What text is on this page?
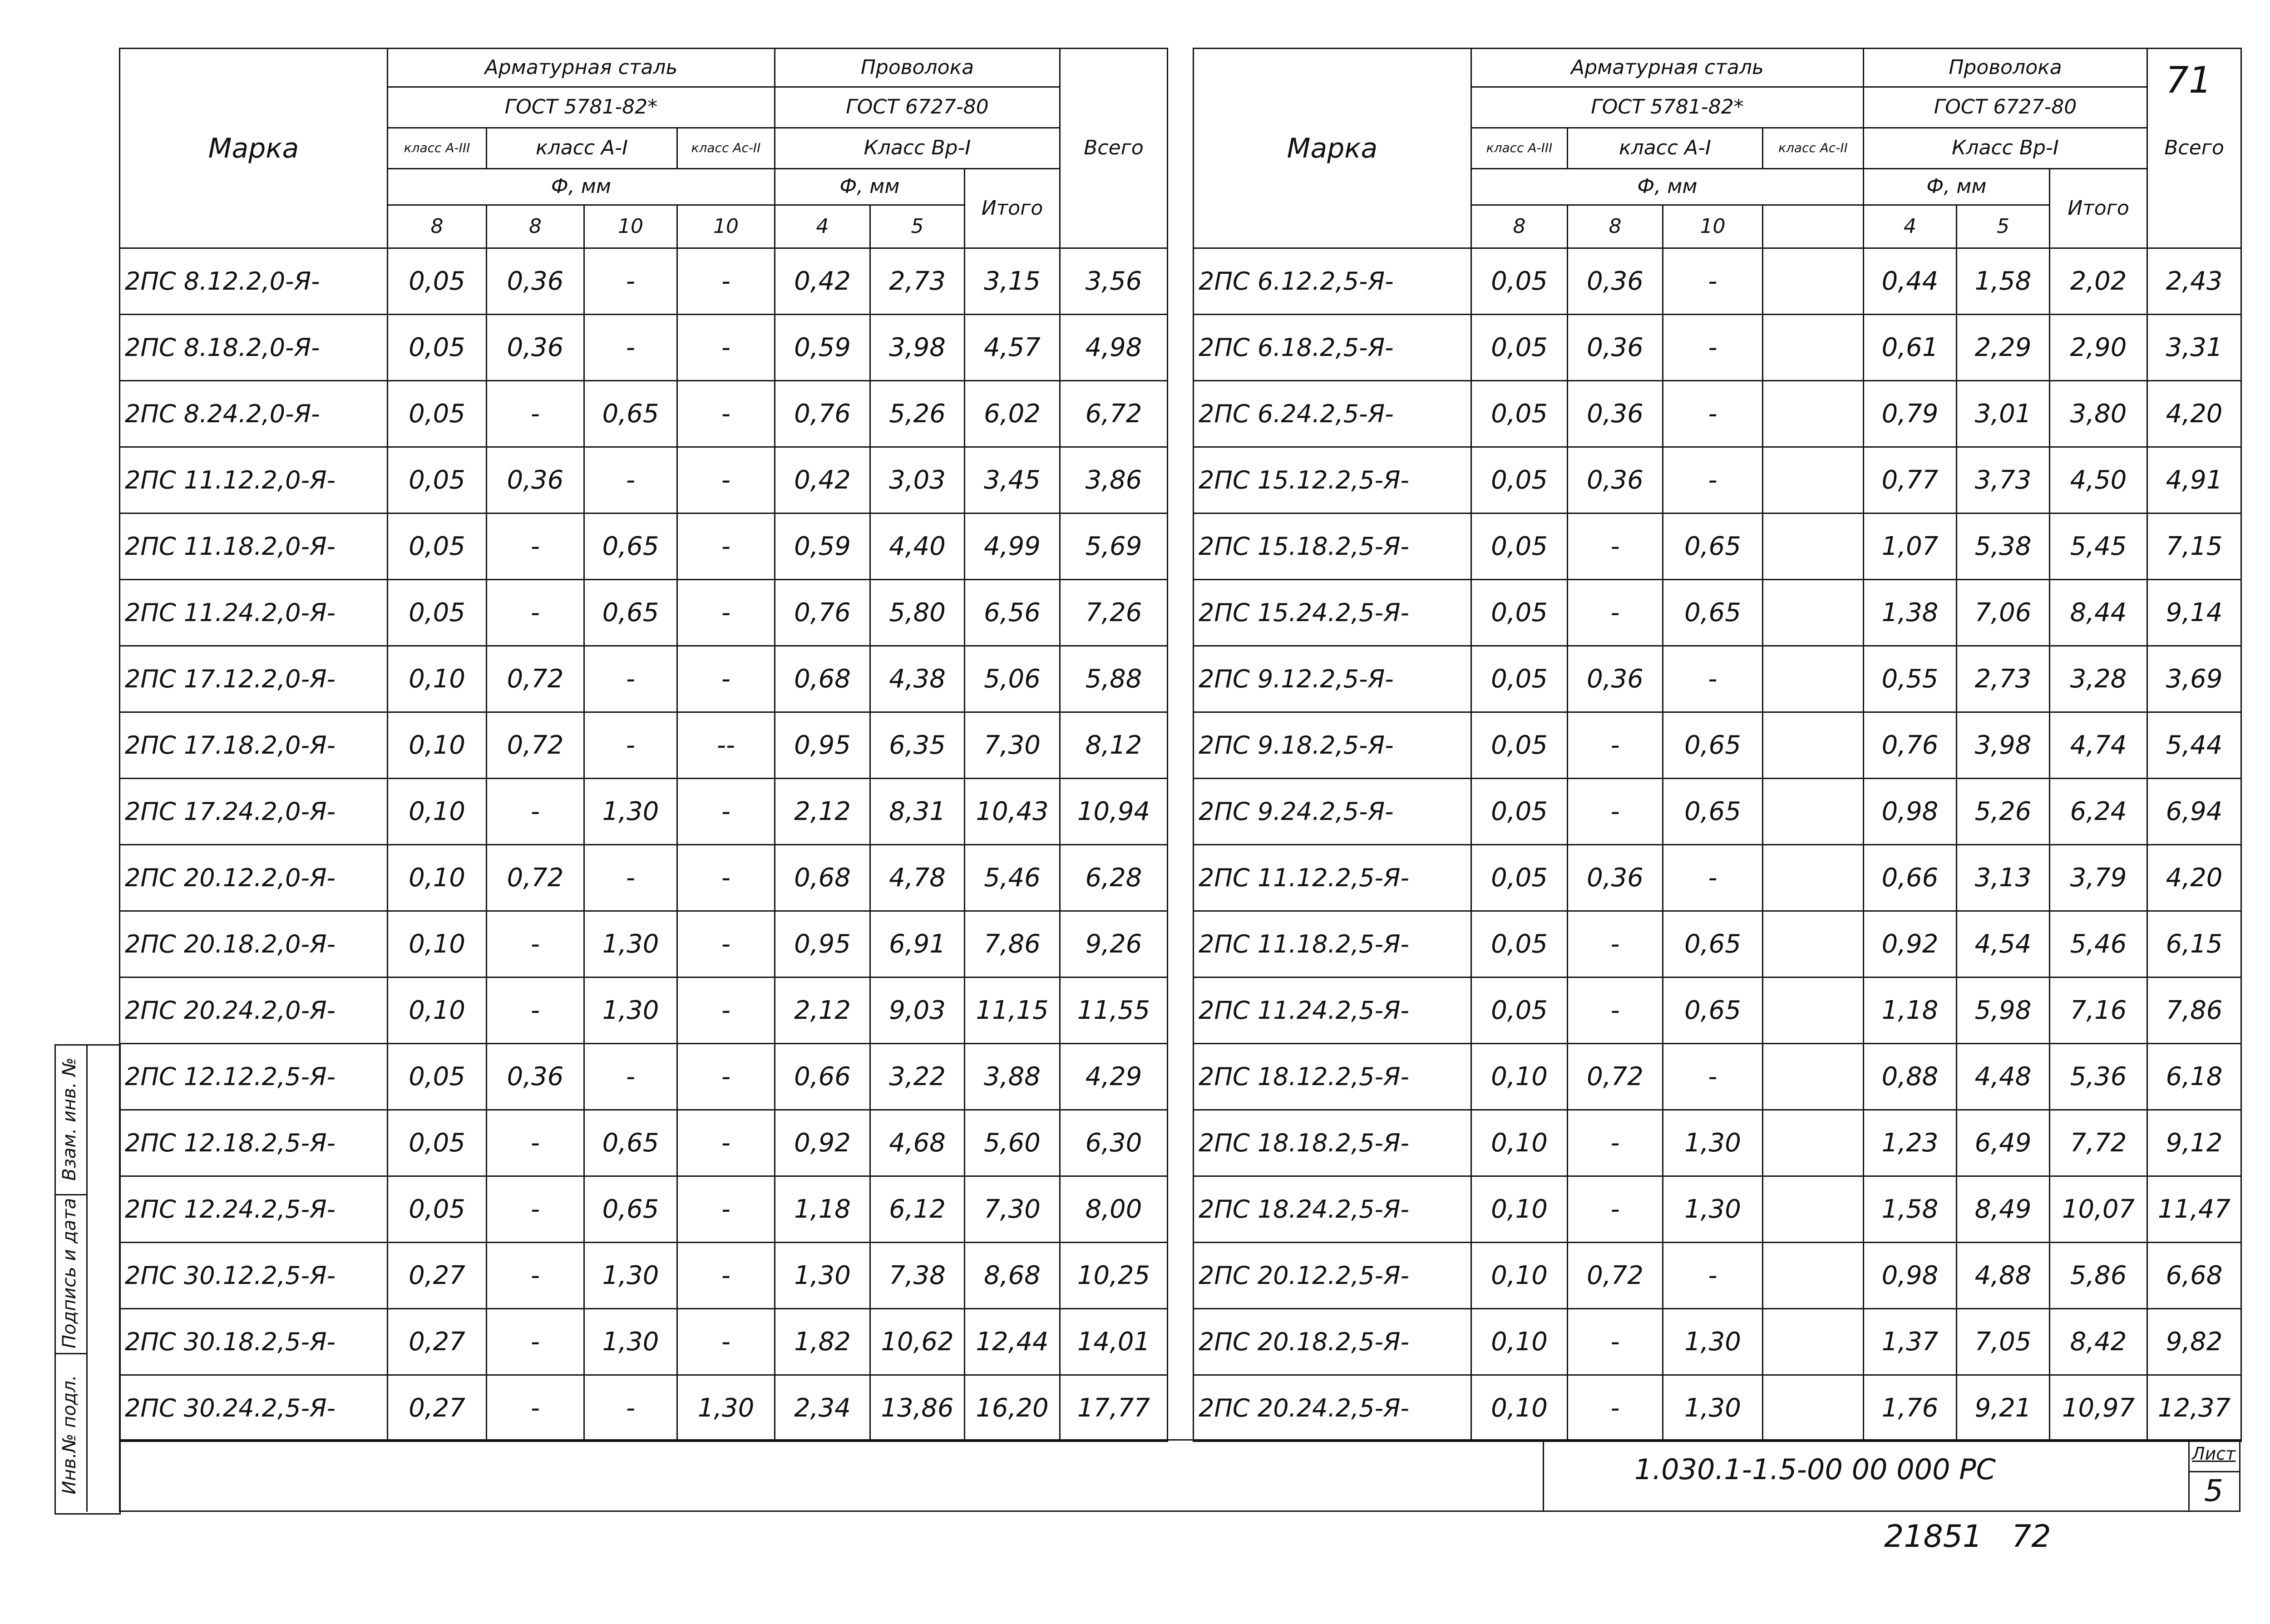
Взам. инв. №
Подпись и дата
Инв.№ подл.
71
Марка	Арматурная сталь				Проволока			Всего
	ГОСТ 5781-82*				ГОСТ 6727-80			
	класс А-III	класс А-I		класс Ас-II	Класс Вр-I			
	Ф, мм				Ф, мм		Итого	
	8	8	10	10	4	5		
2ПС 8.12.2,0-Я-	0,05	0,36	-	-	0,42	2,73	3,15	3,56
2ПС 8.18.2,0-Я-	0,05	0,36	-	-	0,59	3,98	4,57	4,98
2ПС 8.24.2,0-Я-	0,05	-	0,65	-	0,76	5,26	6,02	6,72
2ПС 11.12.2,0-Я-	0,05	0,36	-	-	0,42	3,03	3,45	3,86
2ПС 11.18.2,0-Я-	0,05	-	0,65	-	0,59	4,40	4,99	5,69
2ПС 11.24.2,0-Я-	0,05	-	0,65	-	0,76	5,80	6,56	7,26
2ПС 17.12.2,0-Я-	0,10	0,72	-	-	0,68	4,38	5,06	5,88
2ПС 17.18.2,0-Я-	0,10	0,72	-	--	0,95	6,35	7,30	8,12
2ПС 17.24.2,0-Я-	0,10	-	1,30	-	2,12	8,31	10,43	10,94
2ПС 20.12.2,0-Я-	0,10	0,72	-	-	0,68	4,78	5,46	6,28
2ПС 20.18.2,0-Я-	0,10	-	1,30	-	0,95	6,91	7,86	9,26
2ПС 20.24.2,0-Я-	0,10	-	1,30	-	2,12	9,03	11,15	11,55
2ПС 12.12.2,5-Я-	0,05	0,36	-	-	0,66	3,22	3,88	4,29
2ПС 12.18.2,5-Я-	0,05	-	0,65	-	0,92	4,68	5,60	6,30
2ПС 12.24.2,5-Я-	0,05	-	0,65	-	1,18	6,12	7,30	8,00
2ПС 30.12.2,5-Я-	0,27	-	1,30	-	1,30	7,38	8,68	10,25
2ПС 30.18.2,5-Я-	0,27	-	1,30	-	1,82	10,62	12,44	14,01
2ПС 30.24.2,5-Я-	0,27	-	-	1,30	2,34	13,86	16,20	17,77
Марка	Арматурная сталь				Проволока			Всего
	ГОСТ 5781-82*				ГОСТ 6727-80			
	класс А-III	класс А-I		класс Ас-II	Класс Вр-I			
	Ф, мм				Ф, мм		Итого	
	8	8	10		4	5		
2ПС 6.12.2,5-Я-	0,05	0,36	-		0,44	1,58	2,02	2,43
2ПС 6.18.2,5-Я-	0,05	0,36	-		0,61	2,29	2,90	3,31
2ПС 6.24.2,5-Я-	0,05	0,36	-		0,79	3,01	3,80	4,20
2ПС 15.12.2,5-Я-	0,05	0,36	-		0,77	3,73	4,50	4,91
2ПС 15.18.2,5-Я-	0,05	-	0,65		1,07	5,38	5,45	7,15
2ПС 15.24.2,5-Я-	0,05	-	0,65		1,38	7,06	8,44	9,14
2ПС 9.12.2,5-Я-	0,05	0,36	-		0,55	2,73	3,28	3,69
2ПС 9.18.2,5-Я-	0,05	-	0,65		0,76	3,98	4,74	5,44
2ПС 9.24.2,5-Я-	0,05	-	0,65		0,98	5,26	6,24	6,94
2ПС 11.12.2,5-Я-	0,05	0,36	-		0,66	3,13	3,79	4,20
2ПС 11.18.2,5-Я-	0,05	-	0,65		0,92	4,54	5,46	6,15
2ПС 11.24.2,5-Я-	0,05	-	0,65		1,18	5,98	7,16	7,86
2ПС 18.12.2,5-Я-	0,10	0,72	-		0,88	4,48	5,36	6,18
2ПС 18.18.2,5-Я-	0,10	-	1,30		1,23	6,49	7,72	9,12
2ПС 18.24.2,5-Я-	0,10	-	1,30		1,58	8,49	10,07	11,47
2ПС 20.12.2,5-Я-	0,10	0,72	-		0,98	4,88	5,86	6,68
2ПС 20.18.2,5-Я-	0,10	-	1,30		1,37	7,05	8,42	9,82
2ПС 20.24.2,5-Я-	0,10	-	1,30		1,76	9,21	10,97	12,37
1.030.1-1.5-00 00 000 РС	Лист
5
21851   72
